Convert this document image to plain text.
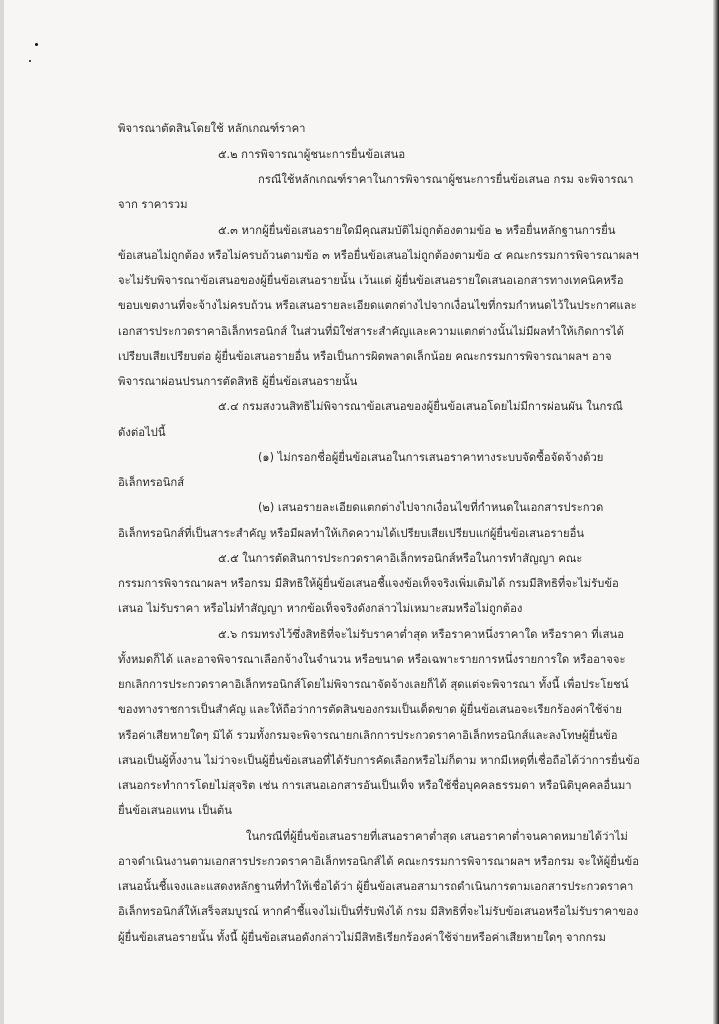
พิจารณาตัดสินโดยใช้ หลักเกณฑ์ราคา
๕.๒ การพิจารณาผู้ชนะการยื่นข้อเสนอ
กรณีใช้หลักเกณฑ์ราคาในการพิจารณาผู้ชนะการยื่นข้อเสนอ กรม จะพิจารณา
จาก ราคารวม
๕.๓ หากผู้ยื่นข้อเสนอรายใดมีคุณสมบัติไม่ถูกต้องตามข้อ ๒ หรือยื่นหลักฐานการยื่น
ข้อเสนอไม่ถูกต้อง หรือไม่ครบถ้วนตามข้อ ๓ หรือยื่นข้อเสนอไม่ถูกต้องตามข้อ ๔ คณะกรรมการพิจารณาผลฯ
จะไม่รับพิจารณาข้อเสนอของผู้ยื่นข้อเสนอรายนั้น เว้นแต่ ผู้ยื่นข้อเสนอรายใดเสนอเอกสารทางเทคนิคหรือ
ขอบเขตงานที่จะจ้างไม่ครบถ้วน หรือเสนอรายละเอียดแตกต่างไปจากเงื่อนไขที่กรมกำหนดไว้ในประกาศและ
เอกสารประกวดราคาอิเล็กทรอนิกส์ ในส่วนที่มิใช่สาระสำคัญและความแตกต่างนั้นไม่มีผลทำให้เกิดการได้
เปรียบเสียเปรียบต่อ ผู้ยื่นข้อเสนอรายอื่น หรือเป็นการผิดพลาดเล็กน้อย คณะกรรมการพิจารณาผลฯ อาจ
พิจารณาผ่อนปรนการตัดสิทธิ ผู้ยื่นข้อเสนอรายนั้น
๕.๔ กรมสงวนสิทธิไม่พิจารณาข้อเสนอของผู้ยื่นข้อเสนอโดยไม่มีการผ่อนผัน ในกรณี
ดังต่อไปนี้
(๑) ไม่กรอกชื่อผู้ยื่นข้อเสนอในการเสนอราคาทางระบบจัดซื้อจัดจ้างด้วย
อิเล็กทรอนิกส์
(๒) เสนอรายละเอียดแตกต่างไปจากเงื่อนไขที่กำหนดในเอกสารประกวด
อิเล็กทรอนิกส์ที่เป็นสาระสำคัญ หรือมีผลทำให้เกิดความได้เปรียบเสียเปรียบแก่ผู้ยื่นข้อเสนอรายอื่น
๕.๕ ในการตัดสินการประกวดราคาอิเล็กทรอนิกส์หรือในการทำสัญญา คณะ
กรรมการพิจารณาผลฯ หรือกรม มีสิทธิให้ผู้ยื่นข้อเสนอชี้แจงข้อเท็จจริงเพิ่มเติมได้ กรมมีสิทธิที่จะไม่รับข้อ
เสนอ ไม่รับราคา หรือไม่ทำสัญญา หากข้อเท็จจริงดังกล่าวไม่เหมาะสมหรือไม่ถูกต้อง
๕.๖ กรมทรงไว้ซึ่งสิทธิที่จะไม่รับราคาต่ำสุด หรือราคาหนึ่งราคาใด หรือราคา ที่เสนอ
ทั้งหมดก็ได้ และอาจพิจารณาเลือกจ้างในจำนวน หรือขนาด หรือเฉพาะรายการหนึ่งรายการใด หรืออาจจะ
ยกเลิกการประกวดราคาอิเล็กทรอนิกส์โดยไม่พิจารณาจัดจ้างเลยก็ได้ สุดแต่จะพิจารณา ทั้งนี้ เพื่อประโยชน์
ของทางราชการเป็นสำคัญ และให้ถือว่าการตัดสินของกรมเป็นเด็ดขาด ผู้ยื่นข้อเสนอจะเรียกร้องค่าใช้จ่าย
หรือค่าเสียหายใดๆ มิได้ รวมทั้งกรมจะพิจารณายกเลิกการประกวดราคาอิเล็กทรอนิกส์และลงโทษผู้ยื่นข้อ
เสนอเป็นผู้ทิ้งงาน ไม่ว่าจะเป็นผู้ยื่นข้อเสนอที่ได้รับการคัดเลือกหรือไม่ก็ตาม หากมีเหตุที่เชื่อถือได้ว่าการยื่นข้อ
เสนอกระทำการโดยไม่สุจริต เช่น การเสนอเอกสารอันเป็นเท็จ หรือใช้ชื่อบุคคลธรรมดา หรือนิติบุคคลอื่นมา
ยื่นข้อเสนอแทน เป็นต้น
ในกรณีที่ผู้ยื่นข้อเสนอรายที่เสนอราคาต่ำสุด เสนอราคาต่ำจนคาดหมายได้ว่าไม่
อาจดำเนินงานตามเอกสารประกวดราคาอิเล็กทรอนิกส์ได้ คณะกรรมการพิจารณาผลฯ หรือกรม จะให้ผู้ยื่นข้อ
เสนอนั้นชี้แจงและแสดงหลักฐานที่ทำให้เชื่อได้ว่า ผู้ยื่นข้อเสนอสามารถดำเนินการตามเอกสารประกวดราคา
อิเล็กทรอนิกส์ให้เสร็จสมบูรณ์ หากคำชี้แจงไม่เป็นที่รับฟังได้ กรม มีสิทธิที่จะไม่รับข้อเสนอหรือไม่รับราคาของ
ผู้ยื่นข้อเสนอรายนั้น ทั้งนี้ ผู้ยื่นข้อเสนอดังกล่าวไม่มีสิทธิเรียกร้องค่าใช้จ่ายหรือค่าเสียหายใดๆ จากกรม
